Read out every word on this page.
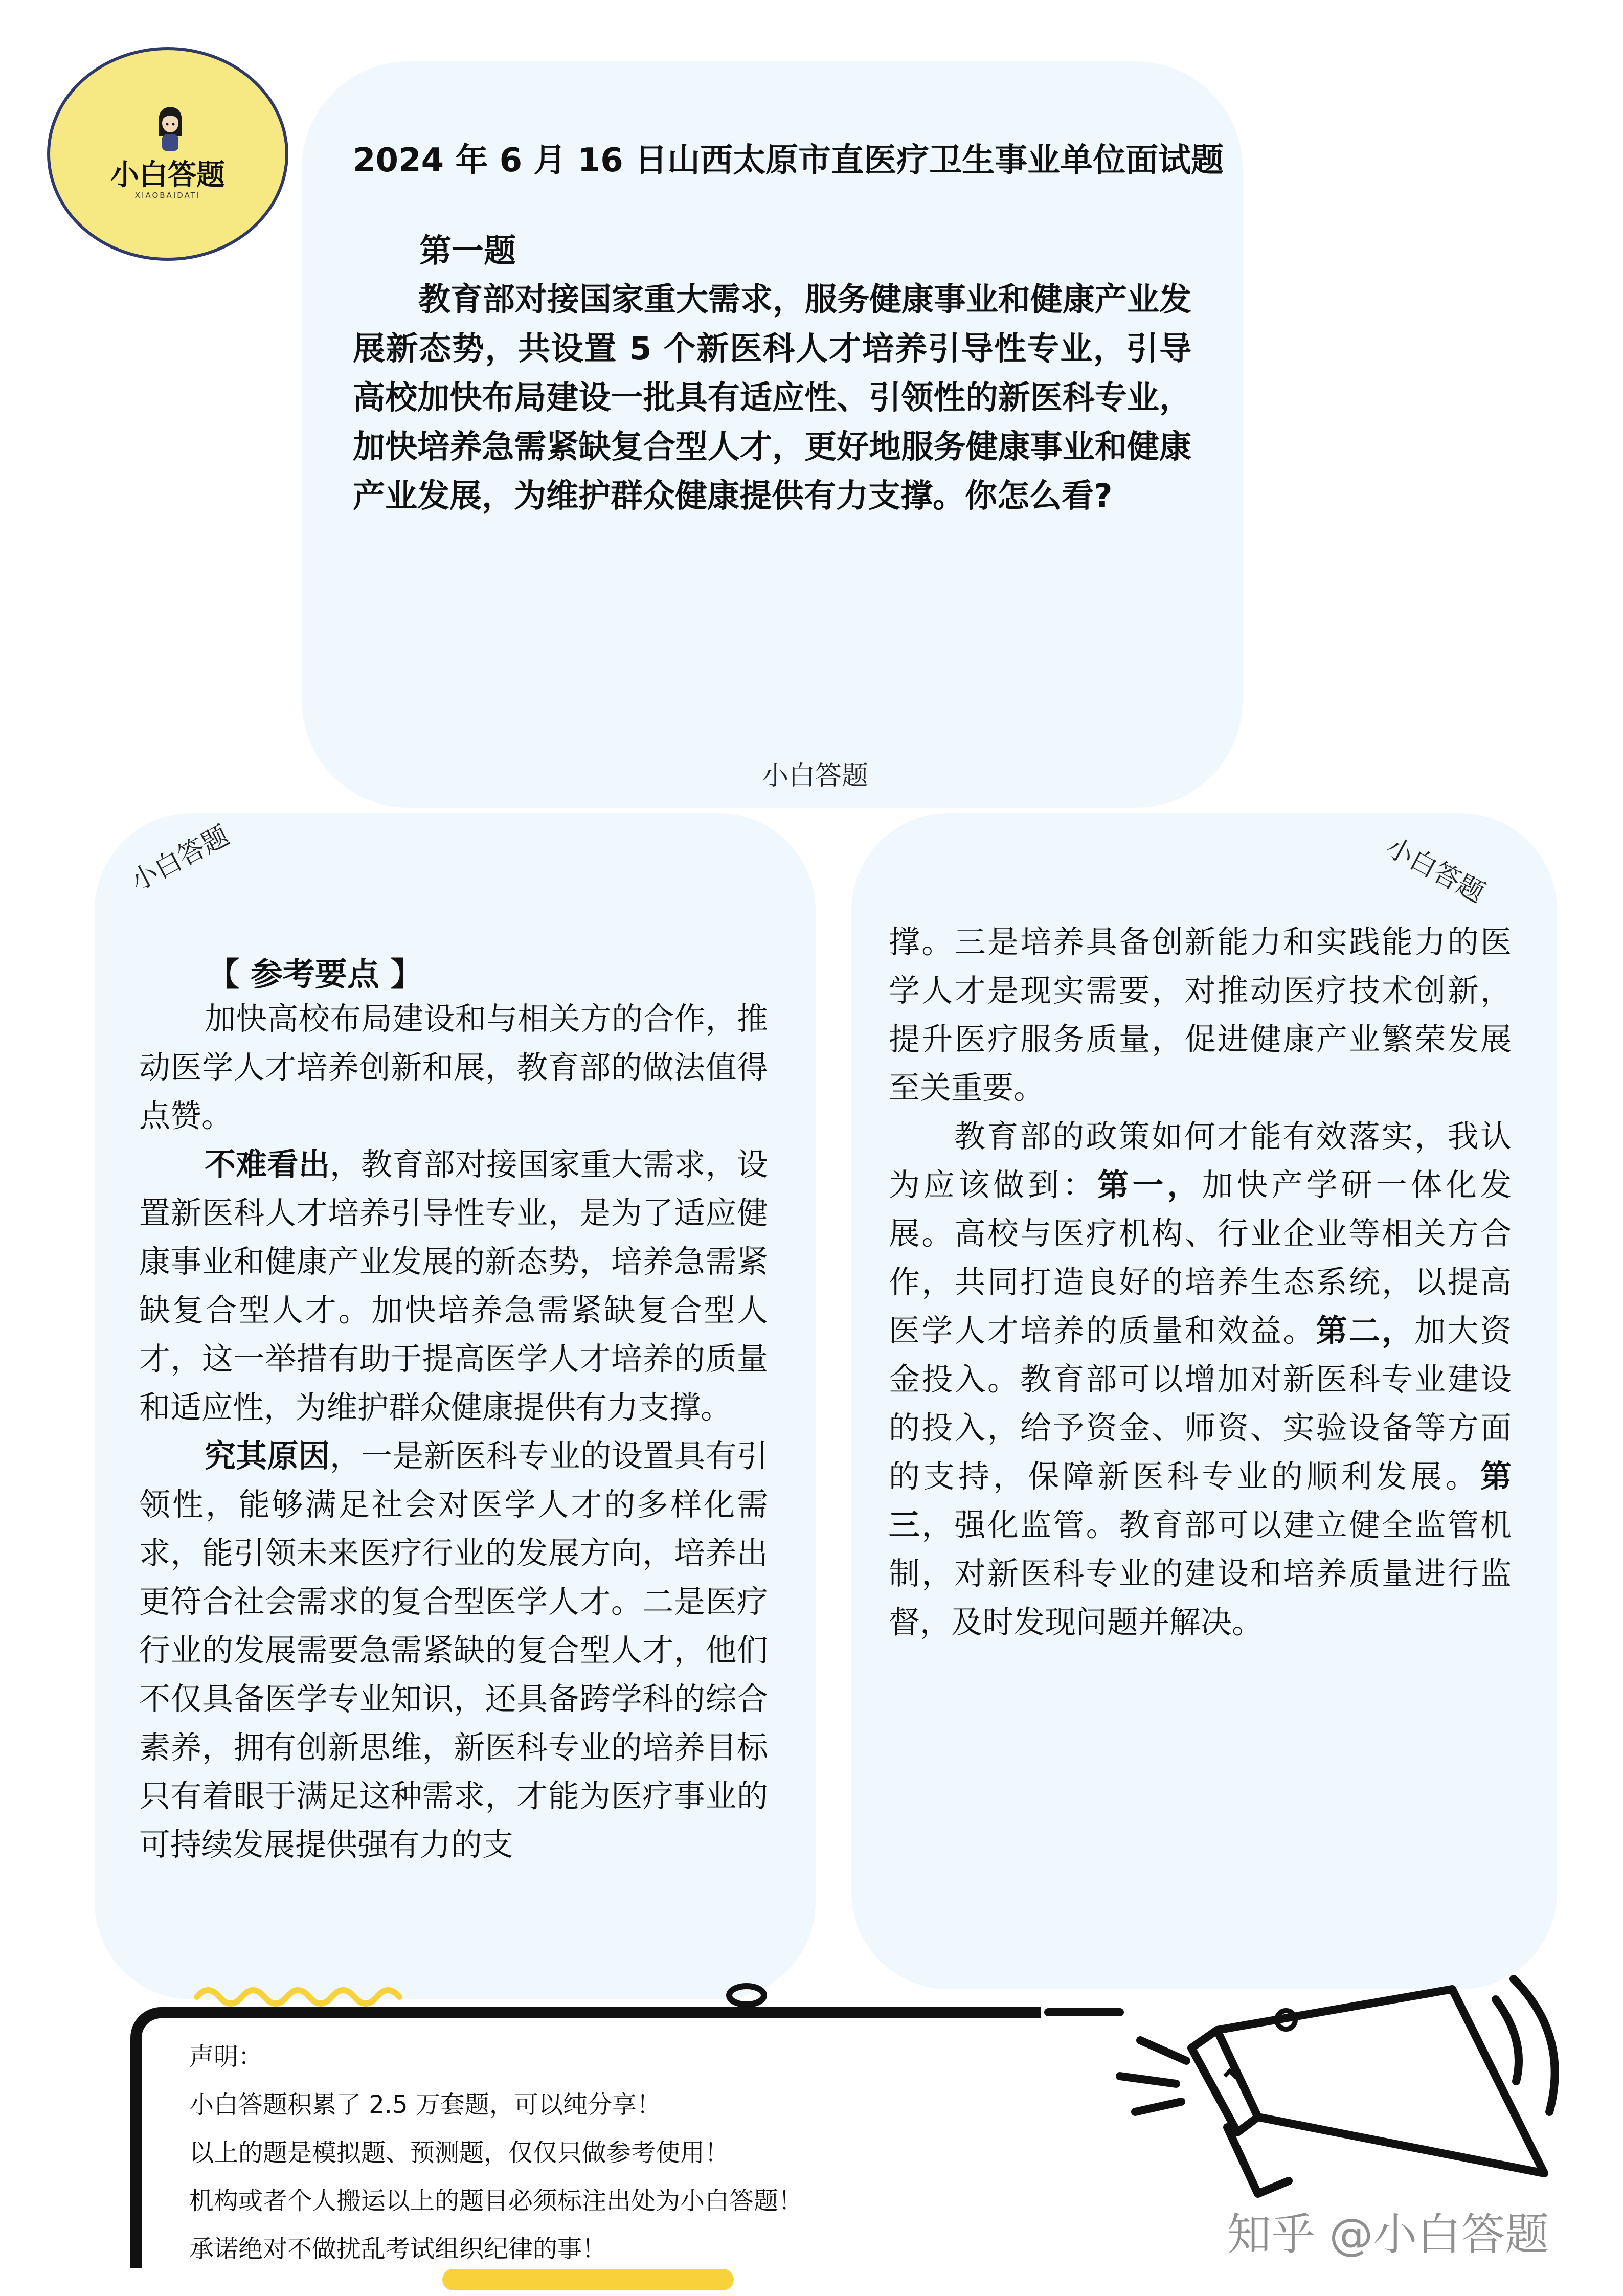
小白答题
XIAOBAIDATI
2024 年 6 月 16 日山西太原市直医疗卫生事业单位面试题
第一题
教育部对接国家重大需求，服务健康事业和健康产业发展新态势，共设置 5 个新医科人才培养引导性专业，引导高校加快布局建设一批具有适应性、引领性的新医科专业，加快培养急需紧缺复合型人才，更好地服务健康事业和健康产业发展，为维护群众健康提供有力支撑。你怎么看?
小白答题
小白答题	小白答题
【 参考要点 】

加快高校布局建设和与相关方的合作，推动医学人才培养创新和展，教育部的做法值得点赞。

不难看出，教育部对接国家重大需求，设置新医科人才培养引导性专业，是为了适应健康事业和健康产业发展的新态势，培养急需紧缺复合型人才。加快培养急需紧缺复合型人才，这一举措有助于提高医学人才培养的质量和适应性，为维护群众健康提供有力支撑。

究其原因，一是新医科专业的设置具有引领性，能够满足社会对医学人才的多样化需求，能引领未来医疗行业的发展方向，培养出更符合社会需求的复合型医学人才。二是医疗行业的发展需要急需紧缺的复合型人才，他们不仅具备医学专业知识，还具备跨学科的综合素养，拥有创新思维，新医科专业的培养目标只有着眼于满足这种需求，才能为医疗事业的可持续发展提供强有力的支

撑。三是培养具备创新能力和实践能力的医学人才是现实需要，对推动医疗技术创新，提升医疗服务质量，促进健康产业繁荣发展至关重要。

教育部的政策如何才能有效落实，我认为应该做到：第一，加快产学研一体化发展。高校与医疗机构、行业企业等相关方合作，共同打造良好的培养生态系统，以提高医学人才培养的质量和效益。第二，加大资金投入。教育部可以增加对新医科专业建设的投入，给予资金、师资、实验设备等方面的支持，保障新医科专业的顺利发展。第三，强化监管。教育部可以建立健全监管机制，对新医科专业的建设和培养质量进行监督，及时发现问题并解决。

声明：
小白答题积累了 2.5 万套题，可以纯分享！
以上的题是模拟题、预测题，仅仅只做参考使用！
机构或者个人搬运以上的题目必须标注出处为小白答题！
承诺绝对不做扰乱考试组织纪律的事！	知乎 @小白答题
